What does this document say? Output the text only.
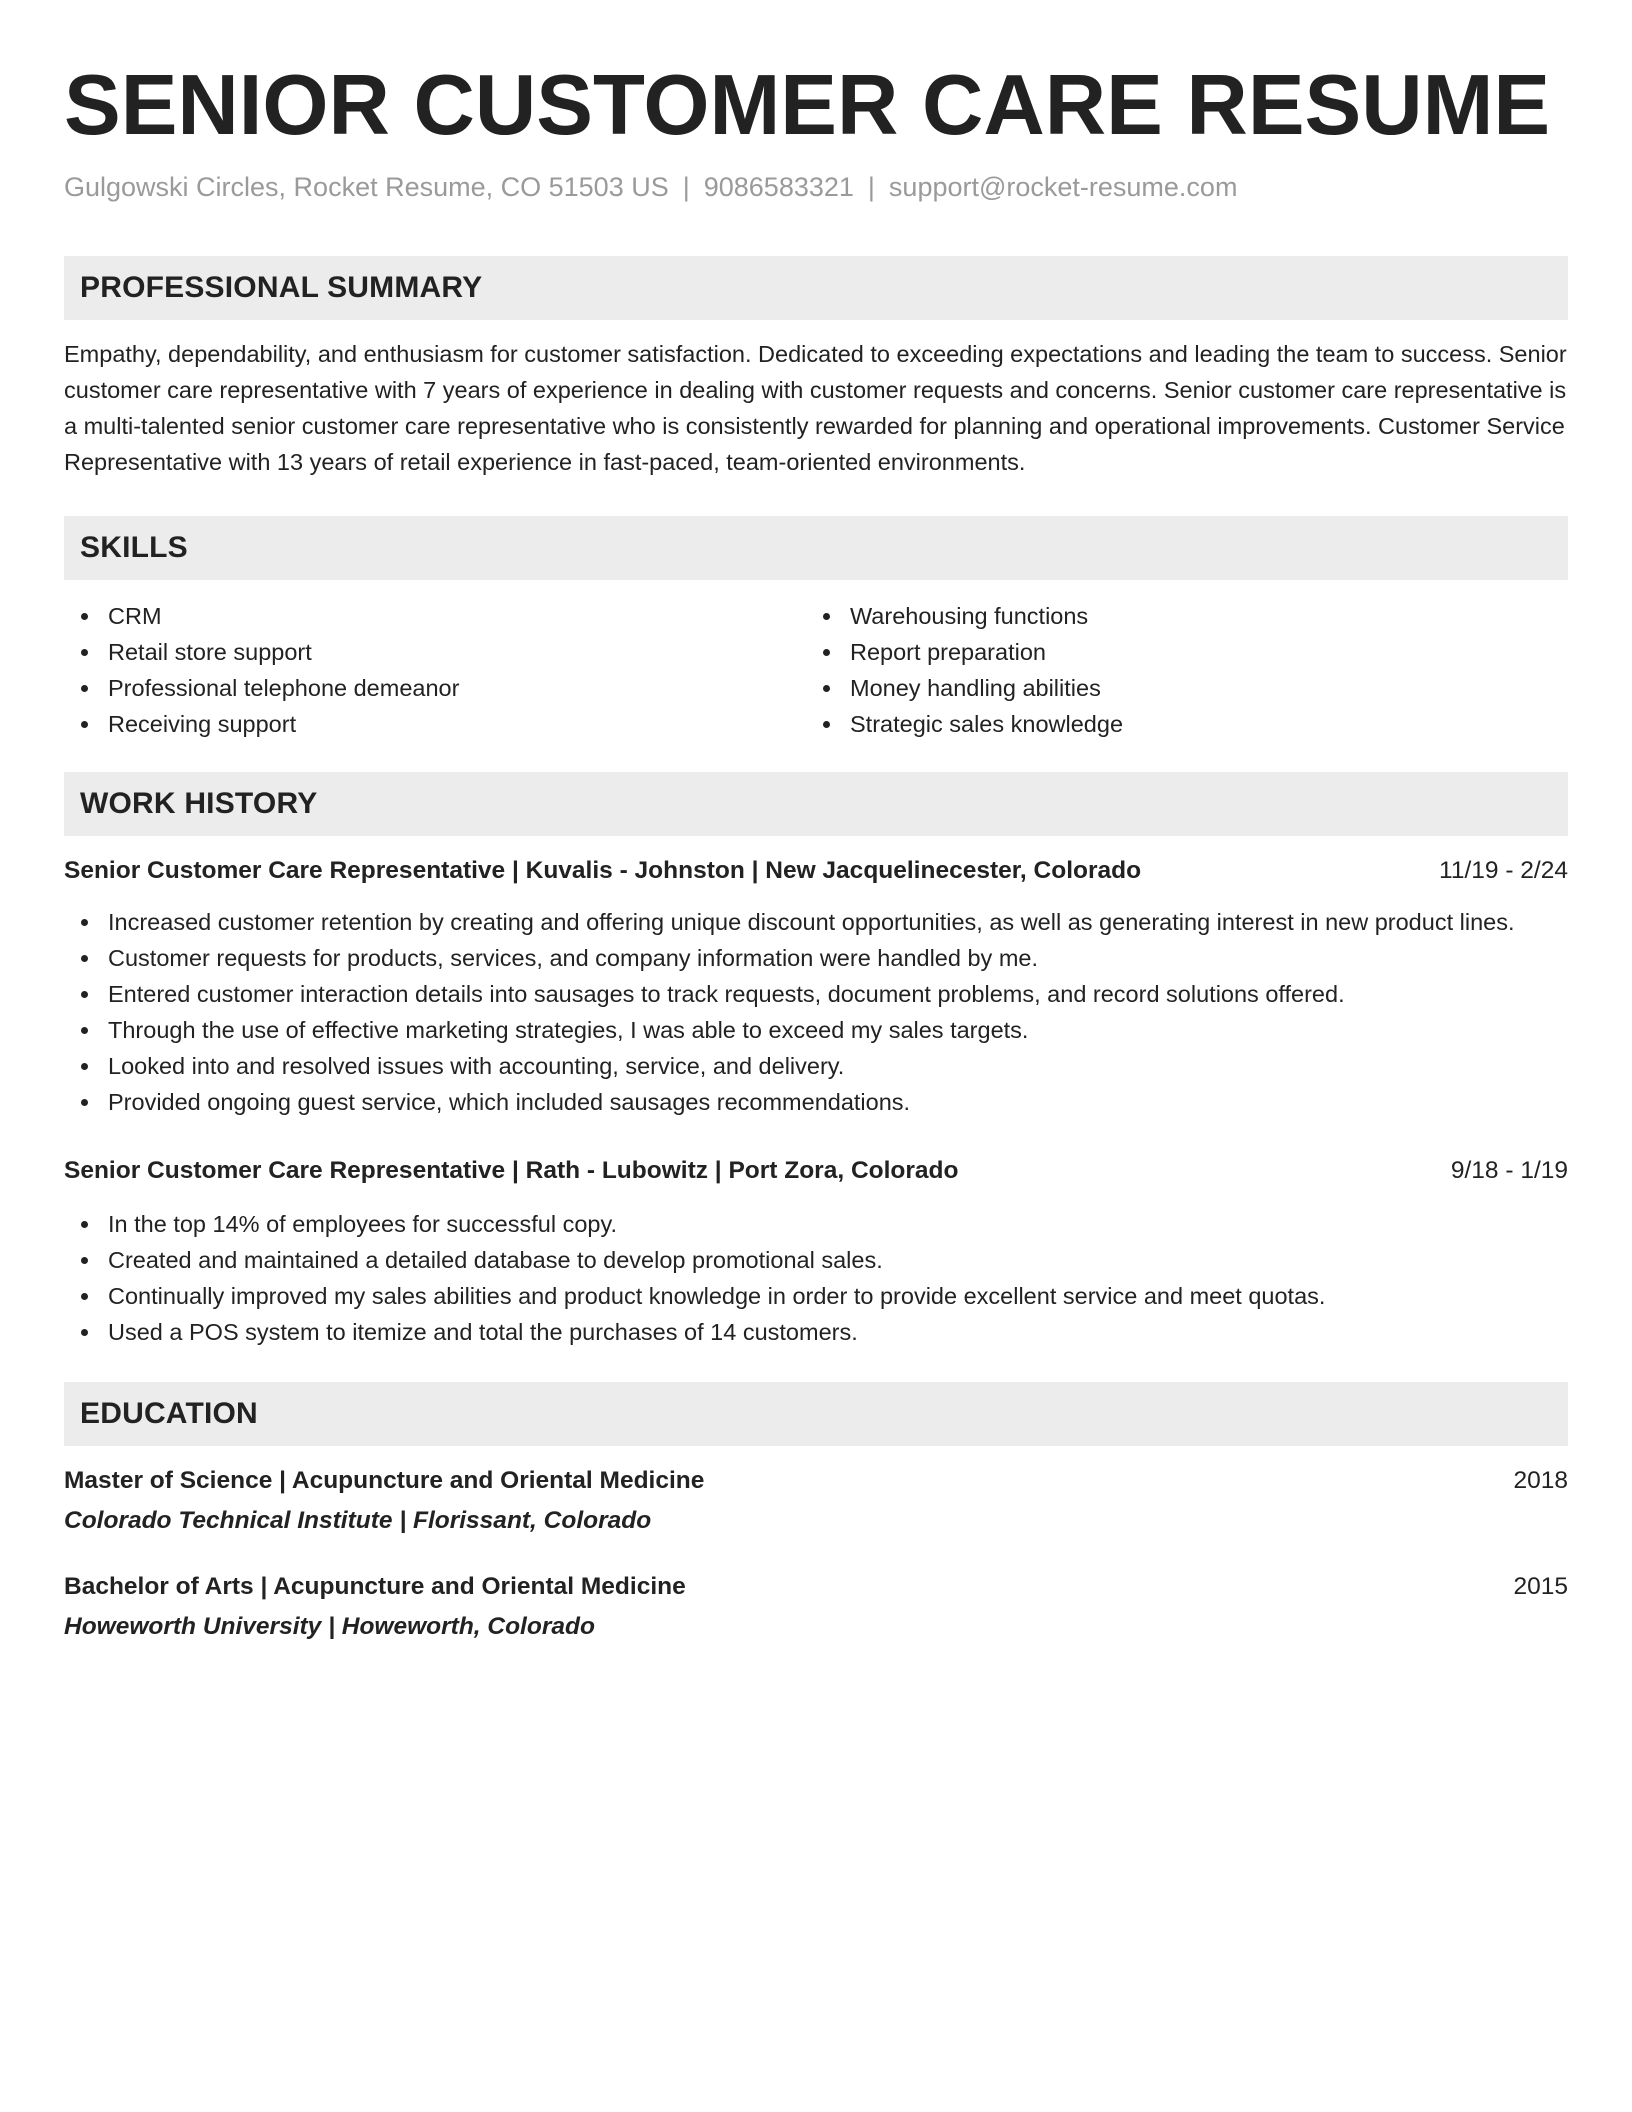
SENIOR CUSTOMER CARE RESUME
Gulgowski Circles, Rocket Resume, CO 51503 US | 9086583321 | support@rocket-resume.com
PROFESSIONAL SUMMARY
Empathy, dependability, and enthusiasm for customer satisfaction. Dedicated to exceeding expectations and leading the team to success. Senior customer care representative with 7 years of experience in dealing with customer requests and concerns. Senior customer care representative is a multi-talented senior customer care representative who is consistently rewarded for planning and operational improvements. Customer Service Representative with 13 years of retail experience in fast-paced, team-oriented environments.
SKILLS
CRM
Retail store support
Professional telephone demeanor
Receiving support
Warehousing functions
Report preparation
Money handling abilities
Strategic sales knowledge
WORK HISTORY
Senior Customer Care Representative | Kuvalis - Johnston | New Jacquelinecester, Colorado	11/19 - 2/24
Increased customer retention by creating and offering unique discount opportunities, as well as generating interest in new product lines.
Customer requests for products, services, and company information were handled by me.
Entered customer interaction details into sausages to track requests, document problems, and record solutions offered.
Through the use of effective marketing strategies, I was able to exceed my sales targets.
Looked into and resolved issues with accounting, service, and delivery.
Provided ongoing guest service, which included sausages recommendations.
Senior Customer Care Representative | Rath - Lubowitz | Port Zora, Colorado	9/18 - 1/19
In the top 14% of employees for successful copy.
Created and maintained a detailed database to develop promotional sales.
Continually improved my sales abilities and product knowledge in order to provide excellent service and meet quotas.
Used a POS system to itemize and total the purchases of 14 customers.
EDUCATION
Master of Science | Acupuncture and Oriental Medicine	2018
Colorado Technical Institute | Florissant, Colorado
Bachelor of Arts | Acupuncture and Oriental Medicine	2015
Howeworth University | Howeworth, Colorado
